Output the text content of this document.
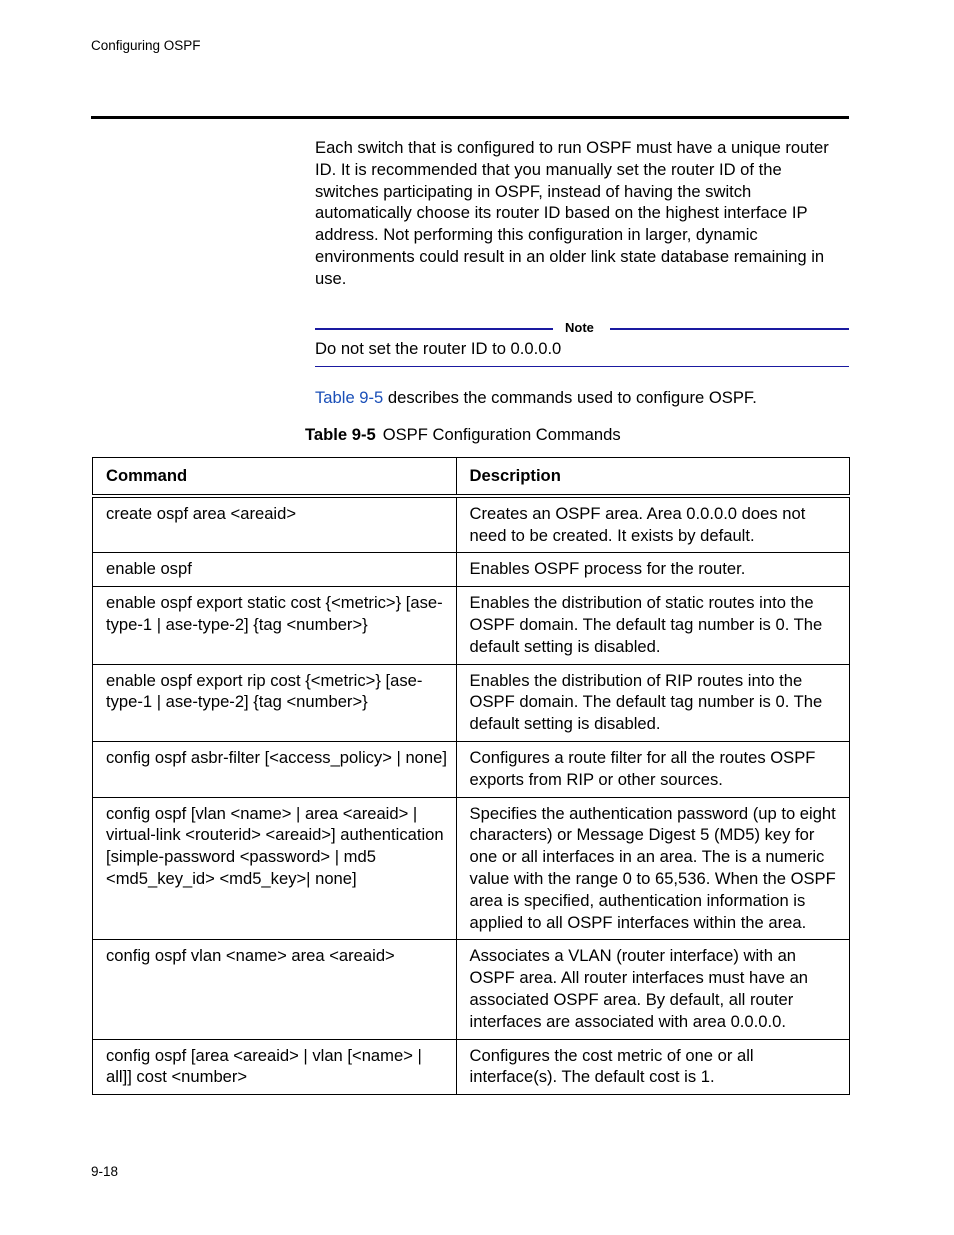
Configuring OSPF

Each switch that is configured to run OSPF must have a unique router ID. It is recommended that you manually set the router ID of the switches participating in OSPF, instead of having the switch automatically choose its router ID based on the highest interface IP address. Not performing this configuration in larger, dynamic environments could result in an older link state database remaining in use.

Note
Do not set the router ID to 0.0.0.0
Table 9-5 describes the commands used to configure OSPF.
Table 9-5 OSPF Configuration Commands
Command	Description
create ospf area <areaid>	Creates an OSPF area. Area 0.0.0.0 does not need to be created. It exists by default.
enable ospf	Enables OSPF process for the router.
enable ospf export static cost {<metric>} [ase-type-1 | ase-type-2] {tag <number>}	Enables the distribution of static routes into the OSPF domain. The default tag number is 0. The default setting is disabled.
enable ospf export rip cost {<metric>} [ase-type-1 | ase-type-2] {tag <number>}	Enables the distribution of RIP routes into the OSPF domain. The default tag number is 0. The default setting is disabled.
config ospf asbr-filter [<access_policy> | none]	Configures a route filter for all the routes OSPF exports from RIP or other sources.
config ospf [vlan <name> | area <areaid> | virtual-link <routerid> <areaid>] authentication [simple-password <password> | md5 <md5_key_id> <md5_key>| none]	Specifies the authentication password (up to eight characters) or Message Digest 5 (MD5) key for one or all interfaces in an area. The is a numeric value with the range 0 to 65,536. When the OSPF area is specified, authentication information is applied to all OSPF interfaces within the area.
config ospf vlan <name> area <areaid>	Associates a VLAN (router interface) with an OSPF area. All router interfaces must have an associated OSPF area. By default, all router interfaces are associated with area 0.0.0.0.
config ospf [area <areaid> | vlan [<name> | all]] cost <number>	Configures the cost metric of one or all interface(s). The default cost is 1.
9-18
